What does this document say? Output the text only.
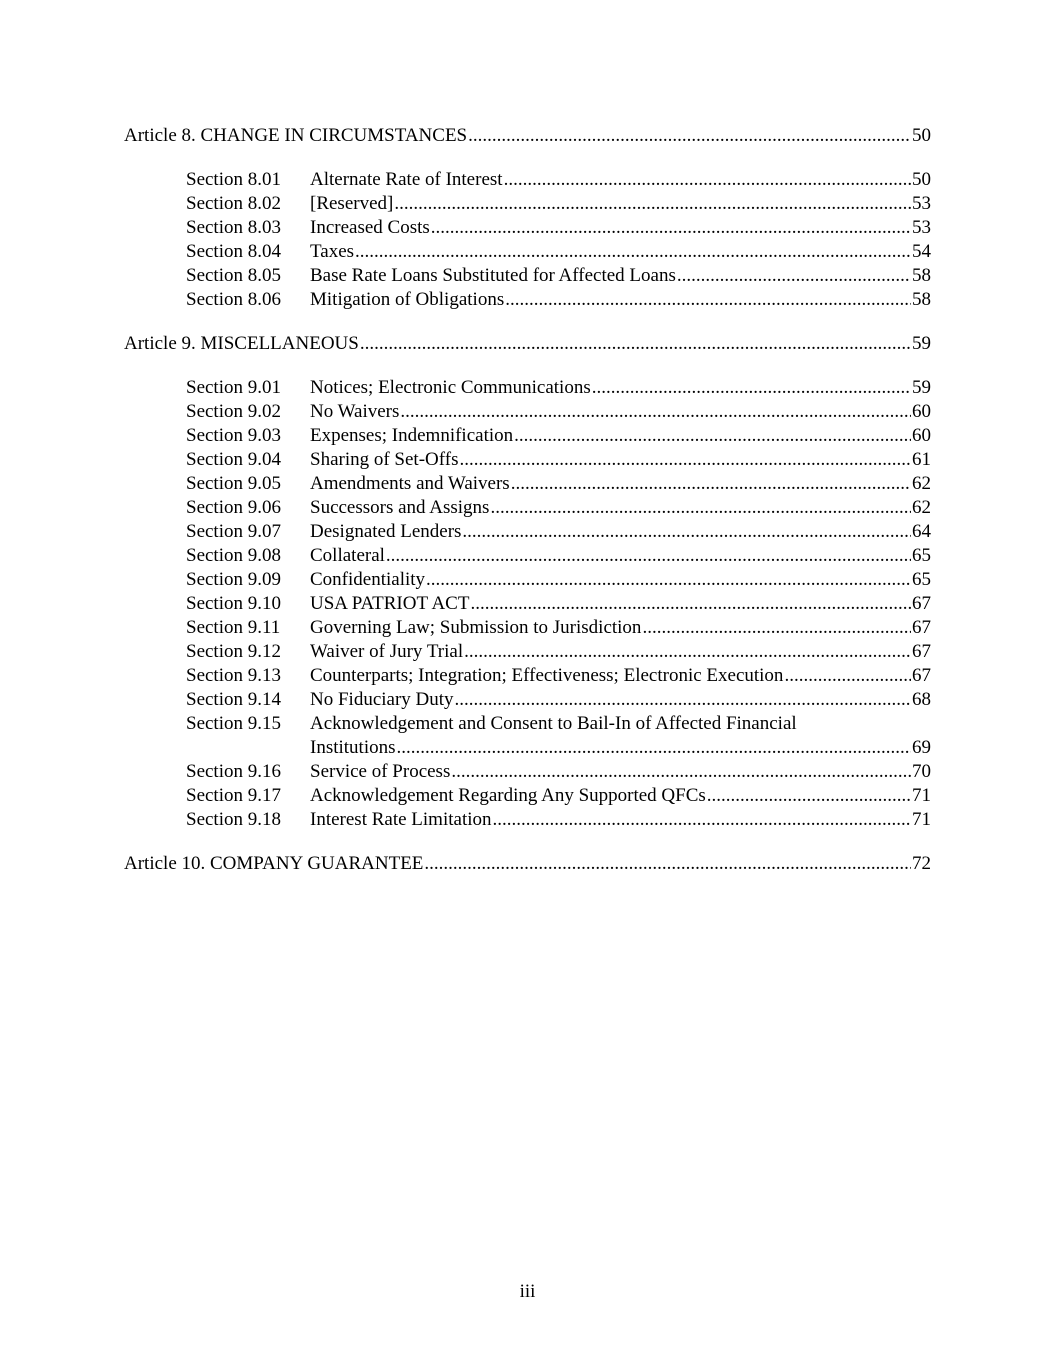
Article 8. CHANGE IN CIRCUMSTANCES .....	50
Section 8.01	Alternate Rate of Interest .....	50
Section 8.02	[Reserved] .....	53
Section 8.03	Increased Costs .....	53
Section 8.04	Taxes .....	54
Section 8.05	Base Rate Loans Substituted for Affected Loans .....	58
Section 8.06	Mitigation of Obligations .....	58
Article 9. MISCELLANEOUS .....	59
Section 9.01	Notices; Electronic Communications .....	59
Section 9.02	No Waivers .....	60
Section 9.03	Expenses; Indemnification .....	60
Section 9.04	Sharing of Set-Offs .....	61
Section 9.05	Amendments and Waivers .....	62
Section 9.06	Successors and Assigns .....	62
Section 9.07	Designated Lenders .....	64
Section 9.08	Collateral .....	65
Section 9.09	Confidentiality .....	65
Section 9.10	USA PATRIOT ACT .....	67
Section 9.11	Governing Law; Submission to Jurisdiction .....	67
Section 9.12	Waiver of Jury Trial .....	67
Section 9.13	Counterparts; Integration; Effectiveness; Electronic Execution .....	67
Section 9.14	No Fiduciary Duty .....	68
Section 9.15	Acknowledgement and Consent to Bail-In of Affected Financial
Institutions .....	69
Section 9.16	Service of Process .....	70
Section 9.17	Acknowledgement Regarding Any Supported QFCs .....	71
Section 9.18	Interest Rate Limitation .....	71
Article 10. COMPANY GUARANTEE .....	72
iii
